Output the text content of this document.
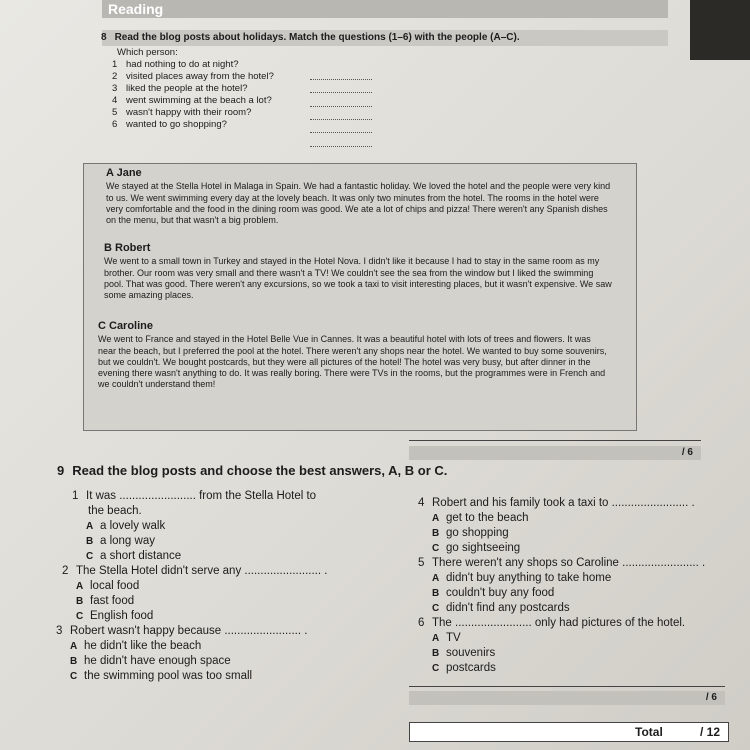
Reading
8 Read the blog posts about holidays. Match the questions (1–6) with the people (A–C).
Which person:
1 had nothing to do at night?
2 visited places away from the hotel?
3 liked the people at the hotel?
4 went swimming at the beach a lot?
5 wasn't happy with their room?
6 wanted to go shopping?
A Jane
We stayed at the Stella Hotel in Malaga in Spain. We had a fantastic holiday. We loved the hotel and the people were very kind to us. We went swimming every day at the lovely beach. It was only two minutes from the hotel. The rooms in the hotel were very comfortable and the food in the dining room was good. We ate a lot of chips and pizza! There weren't any Spanish dishes on the menu, but that wasn't a big problem.
B Robert
We went to a small town in Turkey and stayed in the Hotel Nova. I didn't like it because I had to stay in the same room as my brother. Our room was very small and there wasn't a TV! We couldn't see the sea from the window but I liked the swimming pool. That was good. There weren't any excursions, so we took a taxi to visit interesting places, but it wasn't expensive. We saw some amazing places.
C Caroline
We went to France and stayed in the Hotel Belle Vue in Cannes. It was a beautiful hotel with lots of trees and flowers. It was near the beach, but I preferred the pool at the hotel. There weren't any shops near the hotel. We wanted to buy some souvenirs, but we couldn't. We bought postcards, but they were all pictures of the hotel! The hotel was very busy, but after dinner in the evening there wasn't anything to do. It was really boring. There were TVs in the rooms, but the programmes were in French and we couldn't understand them!
/ 6
9 Read the blog posts and choose the best answers, A, B or C.
1 It was ........................ from the Stella Hotel to
the beach.
A a lovely walk
B a long way
C a short distance
2 The Stella Hotel didn't serve any ........................ .
A local food
B fast food
C English food
3 Robert wasn't happy because ........................ .
A he didn't like the beach
B he didn't have enough space
C the swimming pool was too small
4 Robert and his family took a taxi to ........................ .
A get to the beach
B go shopping
C go sightseeing
5 There weren't any shops so Caroline ........................ .
A didn't buy anything to take home
B couldn't buy any food
C didn't find any postcards
6 The ........................ only had pictures of the hotel.
A TV
B souvenirs
C postcards
/ 6
Total	/ 12
